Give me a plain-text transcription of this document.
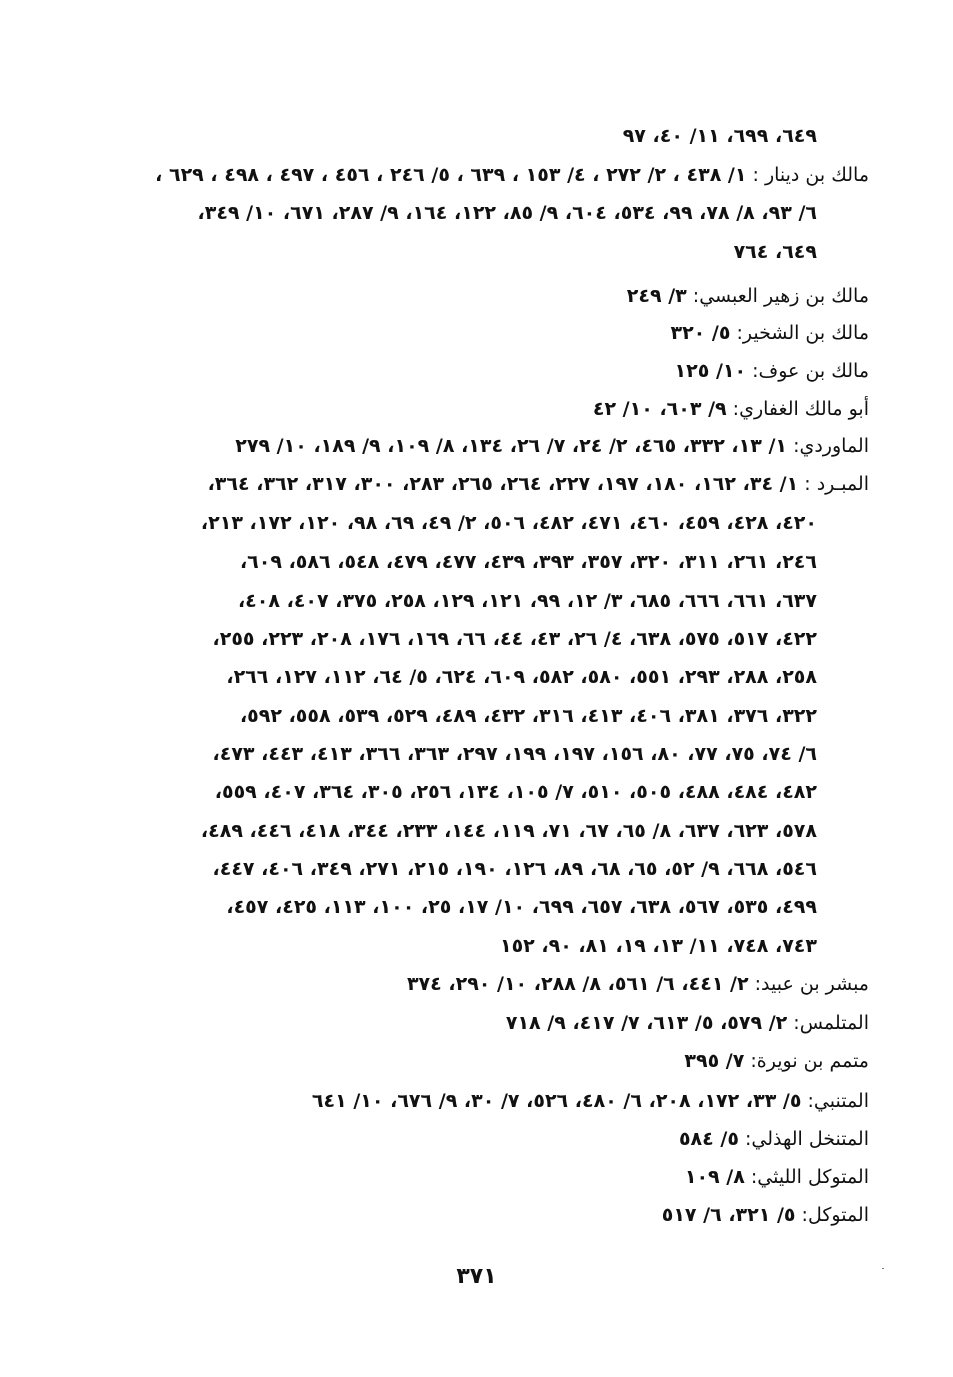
٦٤٩، ٦٩٩، ١١/ ٤٠، ٩٧
مالك بن دينار : ١/ ٤٣٨ ، ٢/ ٢٧٢ ، ٤/ ١٥٣ ، ٦٣٩ ، ٥/ ٢٤٦ ، ٤٥٦ ، ٤٩٧ ، ٤٩٨ ، ٦٢٩ ،
٦/ ٩٣، ٨/ ٧٨، ٩٩، ٥٣٤، ٦٠٤، ٩/ ٨٥، ١٢٢، ١٦٤، ٩/ ٢٨٧، ٦٧١، ١٠/ ٣٤٩،
٦٤٩، ٧٦٤
مالك بن زهير العبسي: ٣/ ٢٤٩
مالك بن الشخير: ٥/ ٣٢٠
مالك بن عوف: ١٠/ ١٢٥
أبو مالك الغفاري: ٩/ ٦٠٣، ١٠/ ٤٢
الماوردي: ١/ ١٣، ٣٣٢، ٤٦٥، ٢/ ٢٤، ٧/ ٢٦، ١٣٤، ٨/ ١٠٩، ٩/ ١٨٩، ١٠/ ٢٧٩
المبـرد : ١/ ٣٤، ١٦٢، ١٨٠، ١٩٧، ٢٢٧، ٢٦٤، ٢٦٥، ٢٨٣، ٣٠٠، ٣١٧، ٣٦٢، ٣٦٤،
٤٢٠، ٤٢٨، ٤٥٩، ٤٦٠، ٤٧١، ٤٨٢، ٥٠٦، ٢/ ٤٩، ٦٩، ٩٨، ١٢٠، ١٧٢، ٢١٣،
٢٤٦، ٢٦١، ٣١١، ٣٢٠، ٣٥٧، ٣٩٣، ٤٣٩، ٤٧٧، ٤٧٩، ٥٤٨، ٥٨٦، ٦٠٩،
٦٣٧، ٦٦١، ٦٦٦، ٦٨٥، ٣/ ١٢، ٩٩، ١٢١، ١٢٩، ٢٥٨، ٣٧٥، ٤٠٧، ٤٠٨،
٤٢٢، ٥١٧، ٥٧٥، ٦٣٨، ٤/ ٢٦، ٤٣، ٤٤، ٦٦، ١٦٩، ١٧٦، ٢٠٨، ٢٢٣، ٢٥٥،
٢٥٨، ٢٨٨، ٢٩٣، ٥٥١، ٥٨٠، ٥٨٢، ٦٠٩، ٦٢٤، ٥/ ٦٤، ١١٢، ١٢٧، ٢٦٦،
٣٢٢، ٣٧٦، ٣٨١، ٤٠٦، ٤١٣، ٣١٦، ٤٣٢، ٤٨٩، ٥٢٩، ٥٣٩، ٥٥٨، ٥٩٢،
٦/ ٧٤، ٧٥، ٧٧، ٨٠، ١٥٦، ١٩٧، ١٩٩، ٢٩٧، ٣٦٣، ٣٦٦، ٤١٣، ٤٤٣، ٤٧٣،
٤٨٢، ٤٨٤، ٤٨٨، ٥٠٥، ٥١٠، ٧/ ١٠٥، ١٣٤، ٢٥٦، ٣٠٥، ٣٦٤، ٤٠٧، ٥٥٩،
٥٧٨، ٦٢٣، ٦٣٧، ٨/ ٦٥، ٦٧، ٧١، ١١٩، ١٤٤، ٢٣٣، ٣٤٤، ٤١٨، ٤٤٦، ٤٨٩،
٥٤٦، ٦٦٨، ٩/ ٥٢، ٦٥، ٦٨، ٨٩، ١٢٦، ١٩٠، ٢١٥، ٢٧١، ٣٤٩، ٤٠٦، ٤٤٧،
٤٩٩، ٥٣٥، ٥٦٧، ٦٣٨، ٦٥٧، ٦٩٩، ١٠/ ١٧، ٢٥، ١٠٠، ١١٣، ٤٢٥، ٤٥٧،
٧٤٣، ٧٤٨، ١١/ ١٣، ١٩، ٨١، ٩٠، ١٥٢
مبشر بن عبيد: ٢/ ٤٤١، ٦/ ٥٦١، ٨/ ٢٨٨، ١٠/ ٢٩٠، ٣٧٤
المتلمس: ٢/ ٥٧٩، ٥/ ٦١٣، ٧/ ٤١٧، ٩/ ٧١٨
متمم بن نويرة: ٧/ ٣٩٥
المتنبي: ٥/ ٣٣، ١٧٢، ٢٠٨، ٦/ ٤٨٠، ٥٢٦، ٧/ ٣٠، ٩/ ٦٧٦، ١٠/ ٦٤١
المتنخل الهذلي: ٥/ ٥٨٤
المتوكل الليثي: ٨/ ١٠٩
المتوكل: ٥/ ٣٢١، ٦/ ٥١٧
٣٧١
